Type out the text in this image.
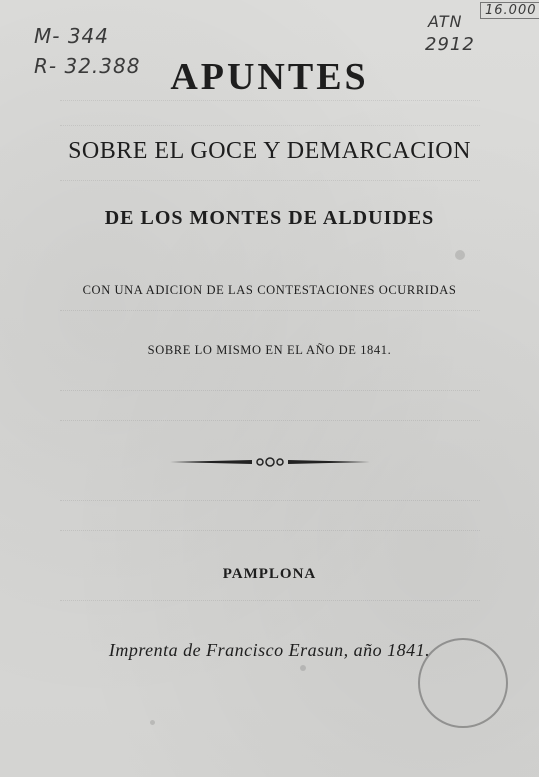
M- 344
R- 32.388
ATN
2912
16.000
APUNTES
SOBRE EL GOCE Y DEMARCACION
DE LOS MONTES DE ALDUIDES
CON UNA ADICION DE LAS CONTESTACIONES OCURRIDAS
SOBRE LO MISMO EN EL AÑO DE 1841.
PAMPLONA
Imprenta de Francisco Erasun, año 1841.
